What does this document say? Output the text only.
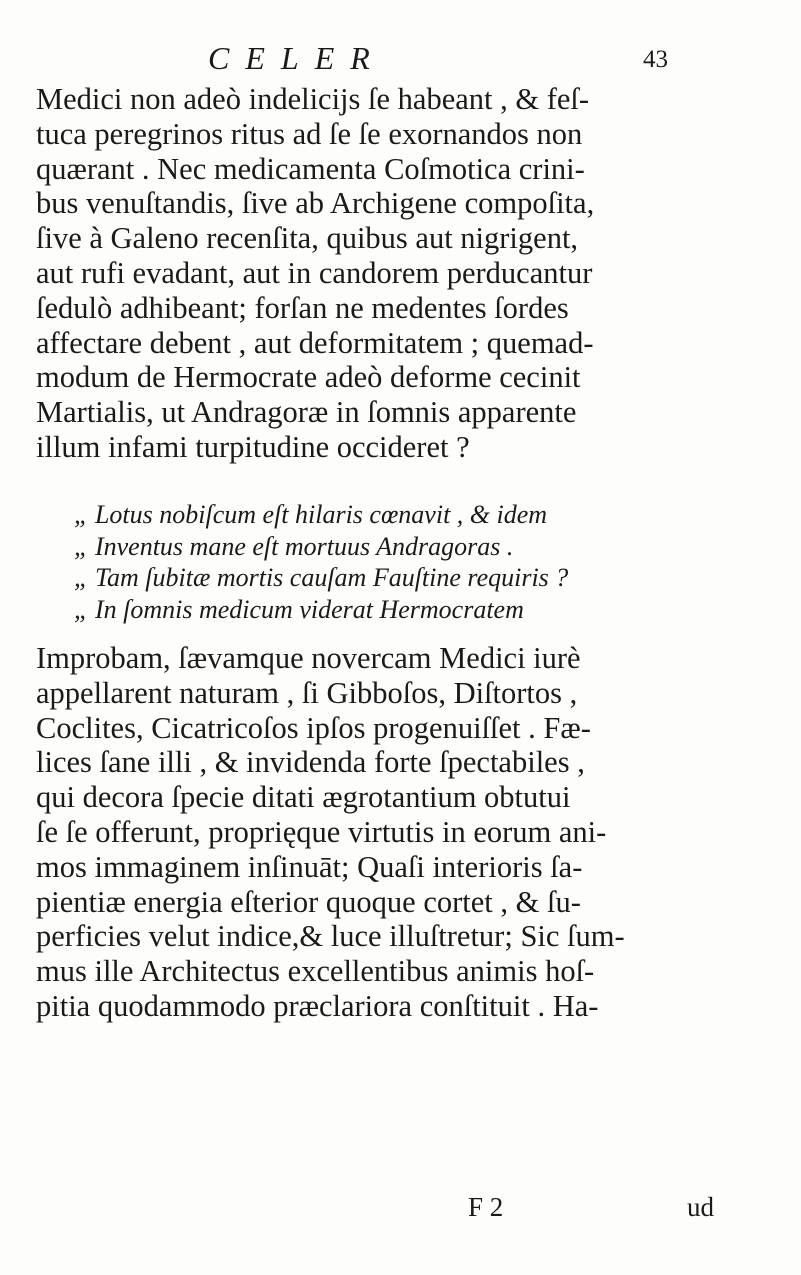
CELER	43
Medici non adeò indelicijs ſe habeant , & feſ-
tuca peregrinos ritus ad ſe ſe exornandos non
quærant . Nec medicamenta Coſmotica crini-
bus venuſtandis, ſive ab Archigene compoſita,
ſive à Galeno recenſita, quibus aut nigrigent,
aut rufi evadant, aut in candorem perducantur
ſedulò adhibeant; forſan ne medentes ſordes
affectare debent , aut deformitatem ; quemad-
modum de Hermocrate adeò deforme cecinit
Martialis, ut Andragoræ in ſomnis apparente
illum infami turpitudine occideret ?
„ Lotus nobiſcum eſt hilaris cœnavit , & idem
„ Inventus mane eſt mortuus Andragoras .
„ Tam ſubitæ mortis cauſam Fauſtine requiris ?
„ In ſomnis medicum viderat Hermocratem
Improbam, ſævamque novercam Medici iurè
appellarent naturam , ſi Gibboſos, Diſtortos ,
Coclites, Cicatricoſos ipſos progenuiſſet . Fæ-
lices ſane illi , & invidenda forte ſpectabiles ,
qui decora ſpecie ditati ægrotantium obtutui
ſe ſe offerunt, proprięque virtutis in eorum ani-
mos immaginem inſinuāt; Quaſi interioris ſa-
pientiæ energia eſterior quoque cortet , & ſu-
perficies velut indice,& luce illuſtretur; Sic ſum-
mus ille Architectus excellentibus animis hoſ-
pitia quodammodo præclariora conſtituit . Ha-
F 2	ud
